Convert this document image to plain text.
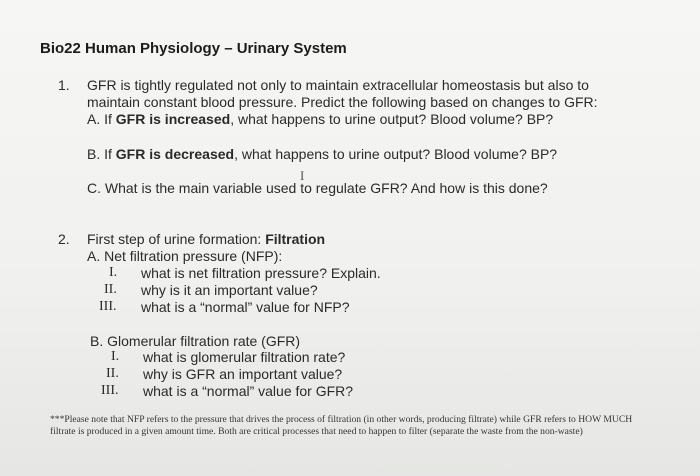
Bio22 Human Physiology – Urinary System
1. GFR is tightly regulated not only to maintain extracellular homeostasis but also to
maintain constant blood pressure. Predict the following based on changes to GFR:
A. If GFR is increased, what happens to urine output? Blood volume? BP?
B. If GFR is decreased, what happens to urine output? Blood volume? BP?
I
C. What is the main variable used to regulate GFR? And how is this done?
2. First step of urine formation: Filtration
A. Net filtration pressure (NFP):
I. what is net filtration pressure? Explain.
II. why is it an important value?
III. what is a “normal” value for NFP?
B. Glomerular filtration rate (GFR)
I. what is glomerular filtration rate?
II. why is GFR an important value?
III. what is a “normal” value for GFR?
***Please note that NFP refers to the pressure that drives the process of filtration (in other words, producing filtrate) while GFR refers to HOW MUCH filtrate is produced in a given amount time. Both are critical processes that need to happen to filter (separate the waste from the non-waste)
